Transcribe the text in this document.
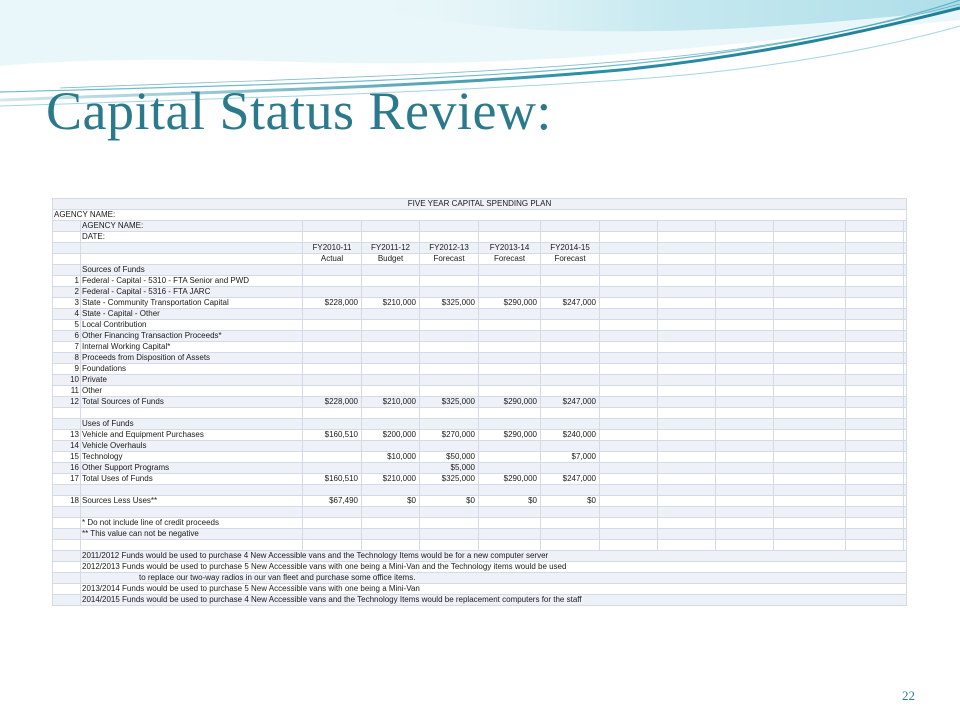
Capital Status Review:
FIVE YEAR CAPITAL SPENDING PLAN												
AGENCY NAME:												
	AGENCY NAME:											
	DATE:											
		FY2010-11	FY2011-12	FY2012-13	FY2013-14	FY2014-15						
		Actual	Budget	Forecast	Forecast	Forecast						
	Sources of Funds											
1	Federal - Capital - 5310 - FTA Senior and PWD											
2	Federal - Capital - 5316 - FTA JARC											
3	State - Community Transportation Capital	$228,000	$210,000	$325,000	$290,000	$247,000						
4	State - Capital - Other											
5	Local Contribution											
6	Other Financing Transaction Proceeds*											
7	Internal Working Capital*											
8	Proceeds from Disposition of Assets											
9	Foundations											
10	Private											
11	Other											
12	Total Sources of Funds	$228,000	$210,000	$325,000	$290,000	$247,000						

	Uses of Funds											
13	Vehicle and Equipment Purchases	$160,510	$200,000	$270,000	$290,000	$240,000						
14	Vehicle Overhauls											
15	Technology		$10,000	$50,000		$7,000						
16	Other Support Programs			$5,000								
17	Total Uses of Funds	$160,510	$210,000	$325,000	$290,000	$247,000						

18	Sources Less Uses**	$67,490	$0	$0	$0	$0						

	* Do not include line of credit proceeds											
	** This value can not be negative											

	2011/2012 Funds would be used to purchase 4 New Accessible vans and the Technology Items would be for a new computer server											
	2012/2013 Funds would be used to purchase 5 New Accessible vans with one being a Mini-Van and the Technology items would be used											
	to replace our two-way radios in our van fleet and purchase some office items.											
	2013/2014 Funds would be used to purchase 5 New Accessible vans with one being a Mini-Van											
	2014/2015 Funds would be used to purchase 4 New Accessible vans and the Technology Items would be replacement computers for the staff											
22
